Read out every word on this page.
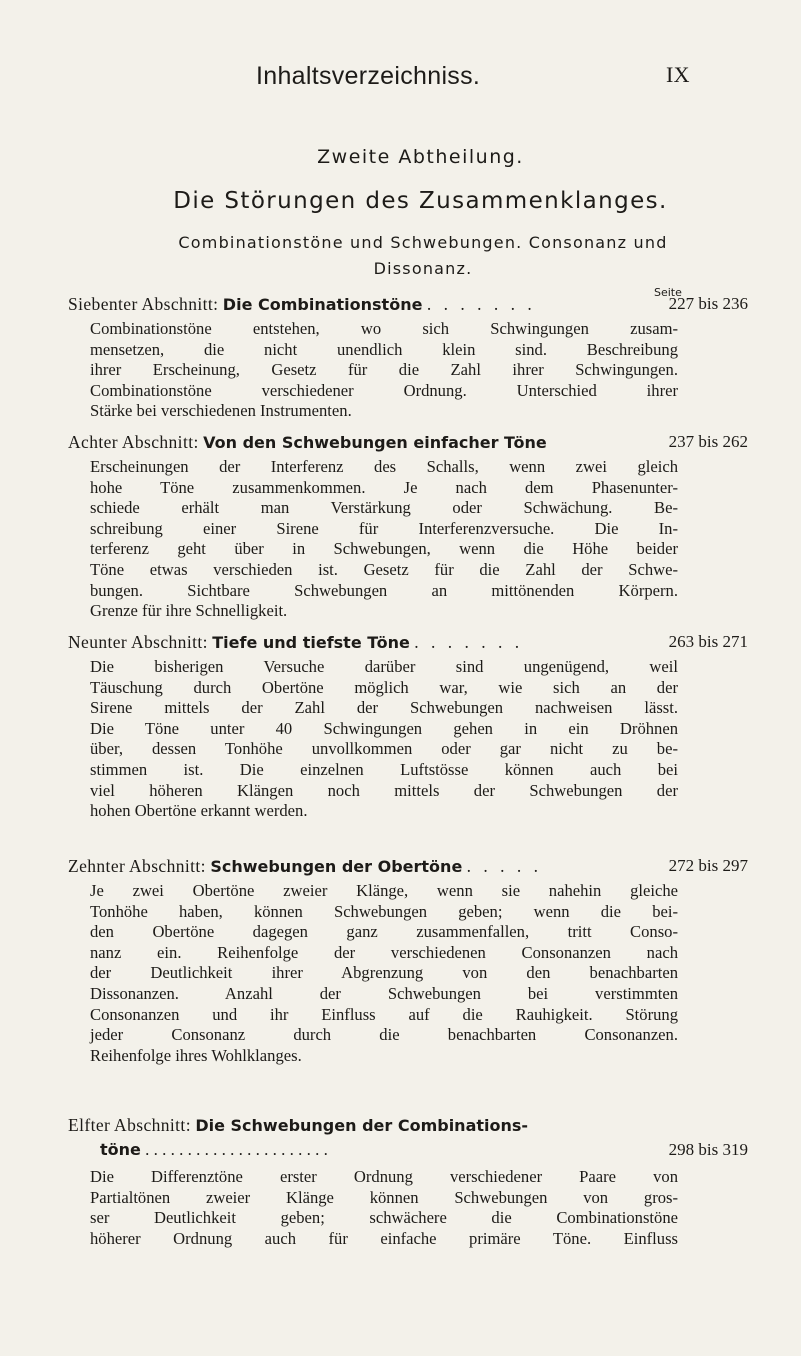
Inhaltsverzeichniss.	IX
Zweite Abtheilung.
Die Störungen des Zusammenklanges.
Combinationstöne und Schwebungen. Consonanz und
Dissonanz.
Seite
Siebenter Abschnitt: Die Combinationstöne . . . . . . .	227 bis 236
Combinationstöne entstehen, wo sich Schwingungen zusam-
mensetzen, die nicht unendlich klein sind. Beschreibung
ihrer Erscheinung, Gesetz für die Zahl ihrer Schwingungen.
Combinationstöne verschiedener Ordnung. Unterschied ihrer
Stärke bei verschiedenen Instrumenten.
Achter Abschnitt: Von den Schwebungen einfacher Töne	237 bis 262
Erscheinungen der Interferenz des Schalls, wenn zwei gleich
hohe Töne zusammenkommen. Je nach dem Phasenunter-
schiede erhält man Verstärkung oder Schwächung. Be-
schreibung einer Sirene für Interferenzversuche. Die In-
terferenz geht über in Schwebungen, wenn die Höhe beider
Töne etwas verschieden ist. Gesetz für die Zahl der Schwe-
bungen. Sichtbare Schwebungen an mittönenden Körpern.
Grenze für ihre Schnelligkeit.
Neunter Abschnitt: Tiefe und tiefste Töne . . . . . . .	263 bis 271
Die bisherigen Versuche darüber sind ungenügend, weil
Täuschung durch Obertöne möglich war, wie sich an der
Sirene mittels der Zahl der Schwebungen nachweisen lässt.
Die Töne unter 40 Schwingungen gehen in ein Dröhnen
über, dessen Tonhöhe unvollkommen oder gar nicht zu be-
stimmen ist. Die einzelnen Luftstösse können auch bei
viel höheren Klängen noch mittels der Schwebungen der
hohen Obertöne erkannt werden.
Zehnter Abschnitt: Schwebungen der Obertöne . . . . .	272 bis 297
Je zwei Obertöne zweier Klänge, wenn sie nahehin gleiche
Tonhöhe haben, können Schwebungen geben; wenn die bei-
den Obertöne dagegen ganz zusammenfallen, tritt Conso-
nanz ein. Reihenfolge der verschiedenen Consonanzen nach
der Deutlichkeit ihrer Abgrenzung von den benachbarten
Dissonanzen. Anzahl der Schwebungen bei verstimmten
Consonanzen und ihr Einfluss auf die Rauhigkeit. Störung
jeder Consonanz durch die benachbarten Consonanzen.
Reihenfolge ihres Wohlklanges.
Elfter Abschnitt: Die Schwebungen der Combinations-
töne . . . . . . . . . . . . . . . . . . . . . .	298 bis 319
Die Differenztöne erster Ordnung verschiedener Paare von
Partialtönen zweier Klänge können Schwebungen von gros-
ser Deutlichkeit geben; schwächere die Combinationstöne
höherer Ordnung auch für einfache primäre Töne. Einfluss
